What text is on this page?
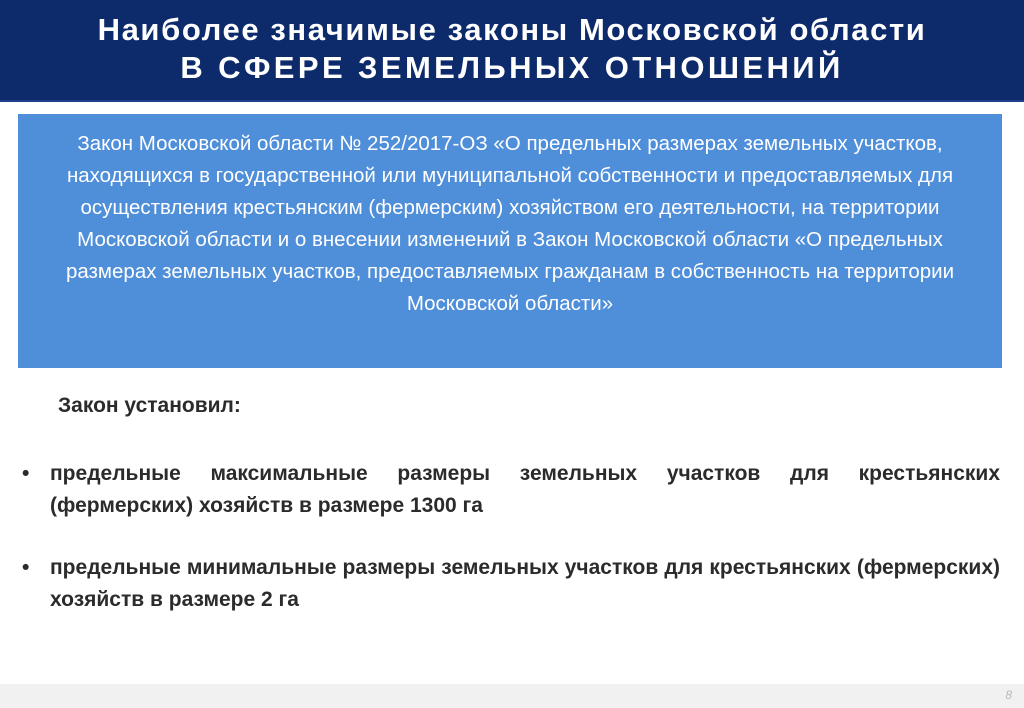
Наиболее значимые законы Московской области
В СФЕРЕ ЗЕМЕЛЬНЫХ ОТНОШЕНИЙ
Закон Московской области № 252/2017-ОЗ «О предельных размерах земельных участков, находящихся в государственной или муниципальной собственности и предоставляемых для осуществления крестьянским (фермерским) хозяйством его деятельности, на территории Московской области и о внесении изменений в Закон Московской области «О предельных размерах земельных участков, предоставляемых гражданам в собственность на территории Московской области»
Закон установил:
• предельные максимальные размеры земельных участков для крестьянских (фермерских) хозяйств в размере 1300 га
• предельные минимальные размеры земельных участков для крестьянских (фермерских) хозяйств в размере 2 га
8
